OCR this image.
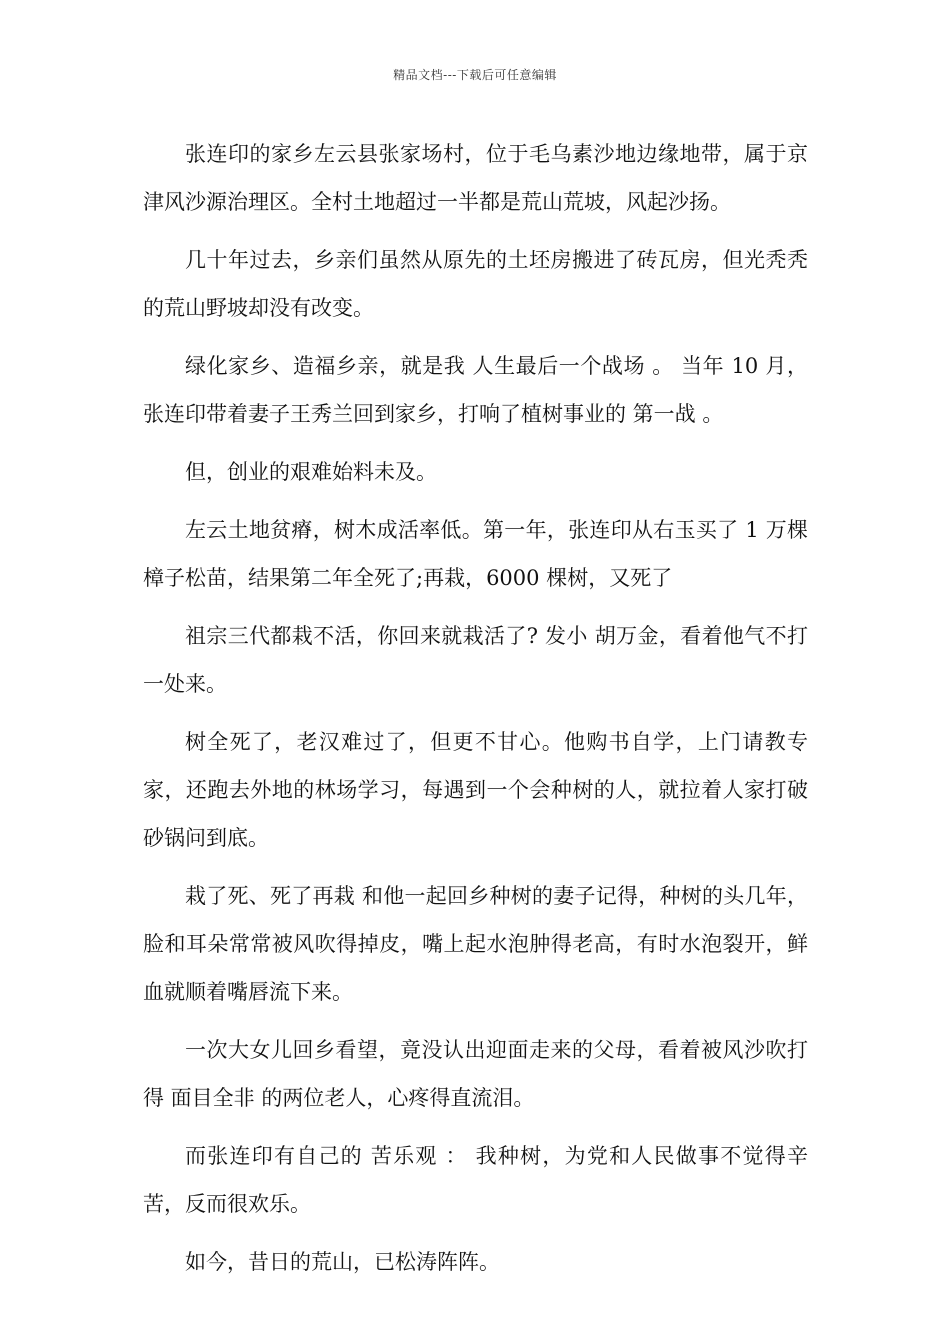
精品文档---下载后可任意编辑

张连印的家乡左云县张家场村，位于毛乌素沙地边缘地带，属于京津风沙源治理区。全村土地超过一半都是荒山荒坡，风起沙扬。

几十年过去，乡亲们虽然从原先的土坯房搬进了砖瓦房，但光秃秃的荒山野坡却没有改变。

绿化家乡、造福乡亲，就是我 人生最后一个战场 。 当年 10 月，张连印带着妻子王秀兰回到家乡，打响了植树事业的 第一战 。

但，创业的艰难始料未及。

左云土地贫瘠，树木成活率低。第一年，张连印从右玉买了 1 万棵樟子松苗，结果第二年全死了;再栽，6000 棵树，又死了

祖宗三代都栽不活，你回来就栽活了? 发小 胡万金，看着他气不打一处来。

树全死了，老汉难过了，但更不甘心。他购书自学，上门请教专家，还跑去外地的林场学习，每遇到一个会种树的人，就拉着人家打破砂锅问到底。

栽了死、死了再栽 和他一起回乡种树的妻子记得，种树的头几年，脸和耳朵常常被风吹得掉皮，嘴上起水泡肿得老高，有时水泡裂开，鲜血就顺着嘴唇流下来。

一次大女儿回乡看望，竟没认出迎面走来的父母，看着被风沙吹打得 面目全非 的两位老人，心疼得直流泪。

而张连印有自己的 苦乐观 ： 我种树，为党和人民做事不觉得辛苦，反而很欢乐。

如今，昔日的荒山，已松涛阵阵。
